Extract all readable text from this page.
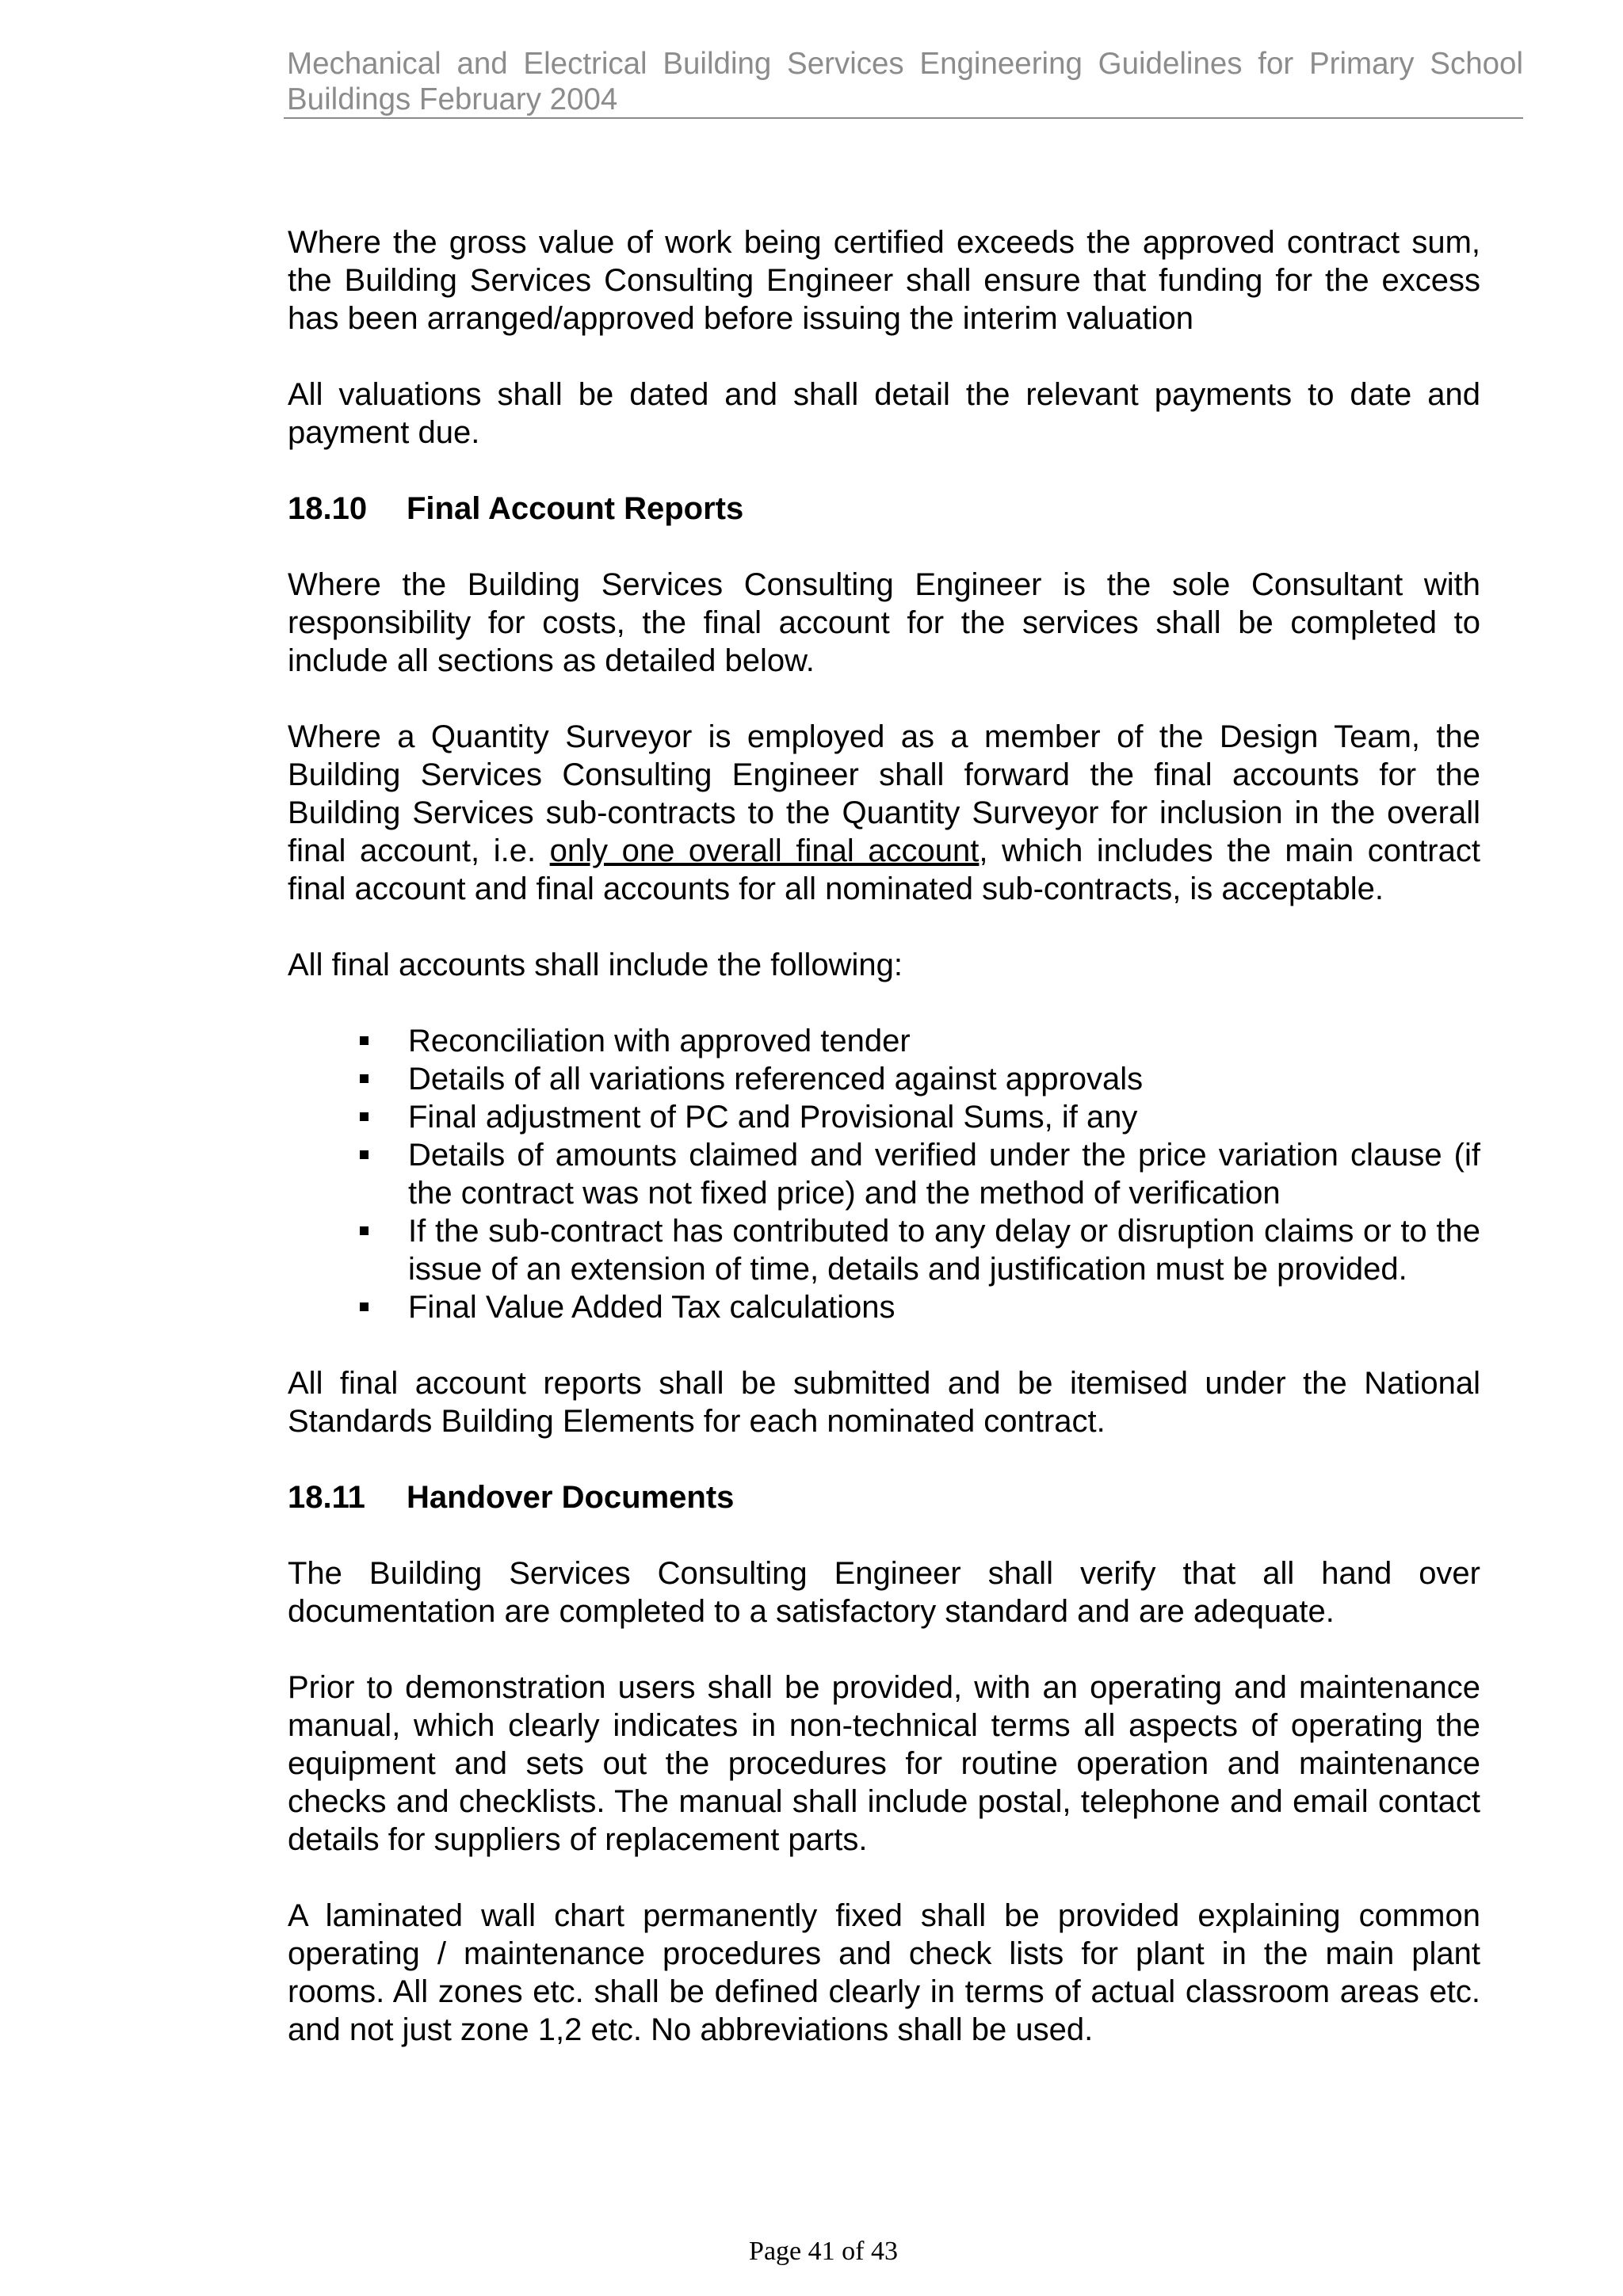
Mechanical and Electrical Building Services Engineering Guidelines for Primary School Buildings February 2004

Where the gross value of work being certified exceeds the approved contract sum, the Building Services Consulting Engineer shall ensure that funding for the excess has been arranged/approved before issuing the interim valuation

All valuations shall be dated and shall detail the relevant payments to date and payment due.

18.10 Final Account Reports

Where the Building Services Consulting Engineer is the sole Consultant with responsibility for costs, the final account for the services shall be completed to include all sections as detailed below.

Where a Quantity Surveyor is employed as a member of the Design Team, the Building Services Consulting Engineer shall forward the final accounts for the Building Services sub-contracts to the Quantity Surveyor for inclusion in the overall final account, i.e. only one overall final account, which includes the main contract final account and final accounts for all nominated sub-contracts, is acceptable.

All final accounts shall include the following:

Reconciliation with approved tender
Details of all variations referenced against approvals
Final adjustment of PC and Provisional Sums, if any
Details of amounts claimed and verified under the price variation clause (if the contract was not fixed price) and the method of verification
If the sub-contract has contributed to any delay or disruption claims or to the issue of an extension of time, details and justification must be provided.
Final Value Added Tax calculations

All final account reports shall be submitted and be itemised under the National Standards Building Elements for each nominated contract.

18.11 Handover Documents

The Building Services Consulting Engineer shall verify that all hand over documentation are completed to a satisfactory standard and are adequate.

Prior to demonstration users shall be provided, with an operating and maintenance manual, which clearly indicates in non-technical terms all aspects of operating the equipment and sets out the procedures for routine operation and maintenance checks and checklists. The manual shall include postal, telephone and email contact details for suppliers of replacement parts.

A laminated wall chart permanently fixed shall be provided explaining common operating / maintenance procedures and check lists for plant in the main plant rooms. All zones etc. shall be defined clearly in terms of actual classroom areas etc. and not just zone 1,2 etc. No abbreviations shall be used.

Page 41 of 43
